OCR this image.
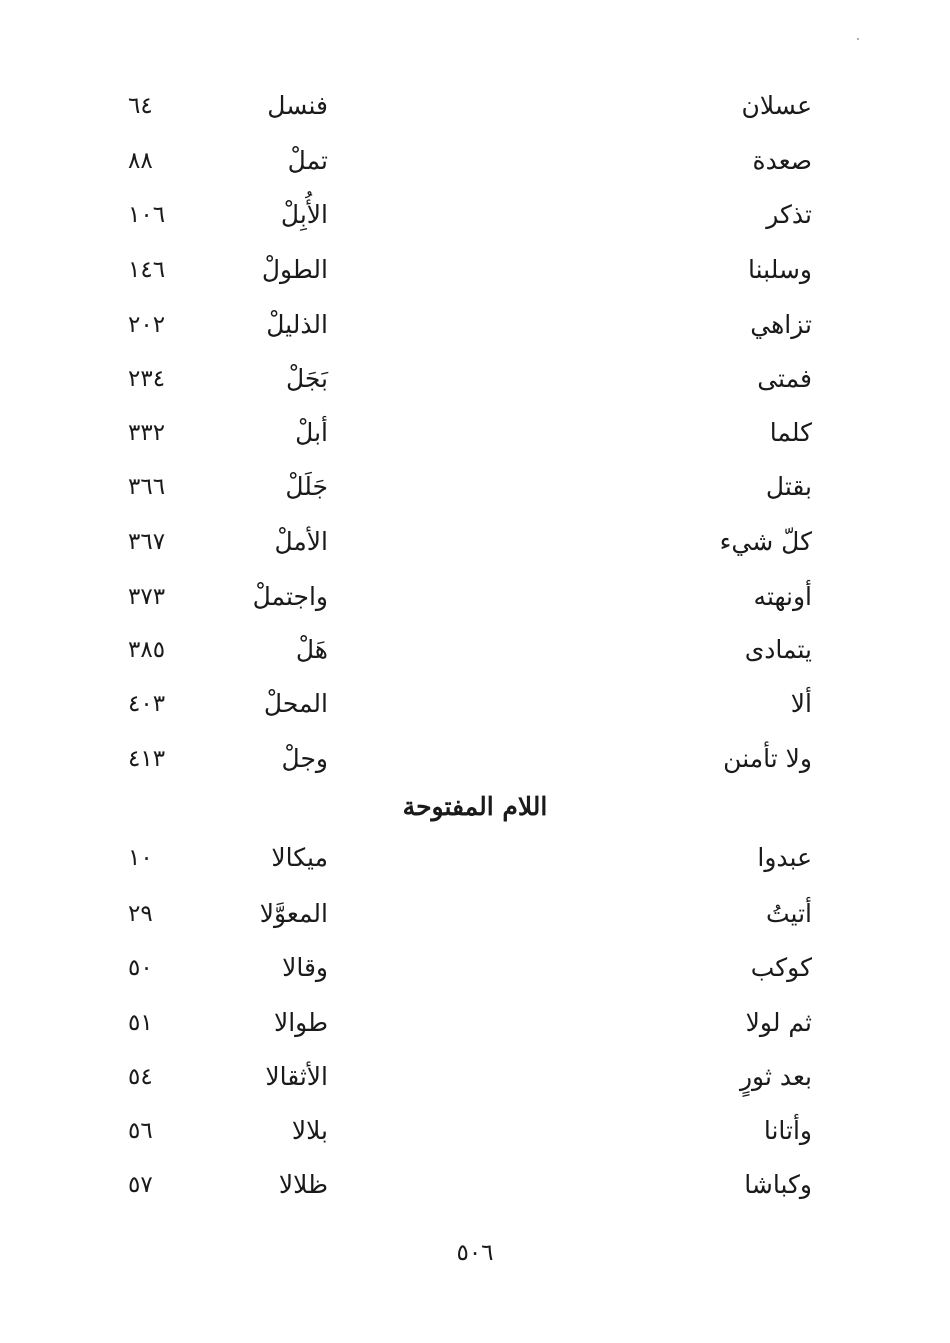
عسلان
فنسل
٦٤
صعدة
تملْ
٨٨
تذكر
الأُبِلْ
١٠٦
وسلبنا
الطولْ
١٤٦
تزاهي
الذليلْ
٢٠٢
فمتى
بَجَلْ
٢٣٤
كلما
أبلْ
٣٣٢
بقتل
جَلَلْ
٣٦٦
كلّ شيء
الأملْ
٣٦٧
أونهته
واجتملْ
٣٧٣
يتمادى
هَلْ
٣٨٥
ألا
المحلْ
٤٠٣
ولا تأمنن
وجلْ
٤١٣
اللام المفتوحة
عبدوا
ميكالا
١٠
أتيتُ
المعوَّلا
٢٩
كوكب
وقالا
٥٠
ثم لولا
طوالا
٥١
بعد ثورٍ
الأثقالا
٥٤
وأتانا
بلالا
٥٦
وكباشا
ظلالا
٥٧
٥٠٦
